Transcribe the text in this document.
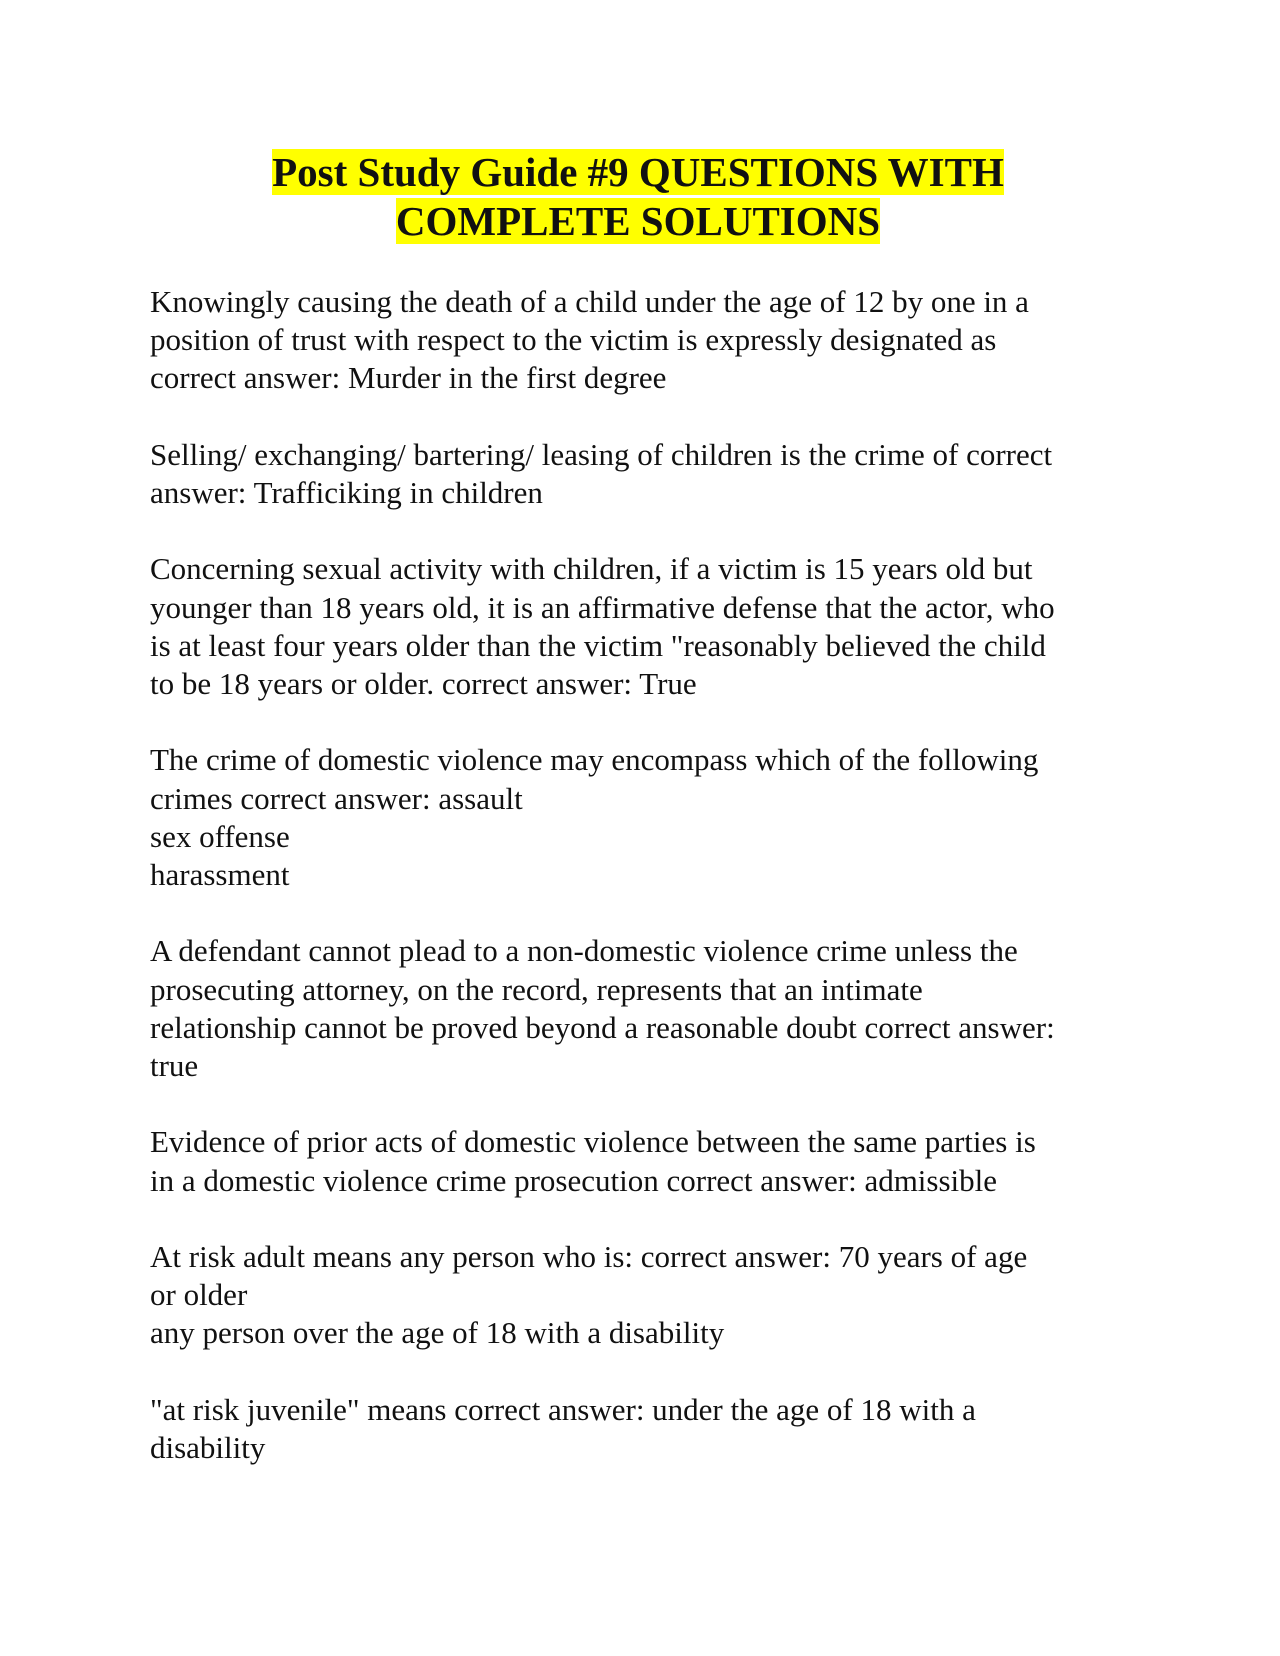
Post Study Guide #9 QUESTIONS WITH
COMPLETE SOLUTIONS

Knowingly causing the death of a child under the age of 12 by one in a
position of trust with respect to the victim is expressly designated as
correct answer: Murder in the first degree

Selling/ exchanging/ bartering/ leasing of children is the crime of correct
answer: Trafficiking in children

Concerning sexual activity with children, if a victim is 15 years old but
younger than 18 years old, it is an affirmative defense that the actor, who
is at least four years older than the victim "reasonably believed the child
to be 18 years or older. correct answer: True

The crime of domestic violence may encompass which of the following
crimes correct answer: assault
sex offense
harassment

A defendant cannot plead to a non-domestic violence crime unless the
prosecuting attorney, on the record, represents that an intimate
relationship cannot be proved beyond a reasonable doubt correct answer:
true

Evidence of prior acts of domestic violence between the same parties is
in a domestic violence crime prosecution correct answer: admissible

At risk adult means any person who is: correct answer: 70 years of age
or older
any person over the age of 18 with a disability

"at risk juvenile" means correct answer: under the age of 18 with a
disability
